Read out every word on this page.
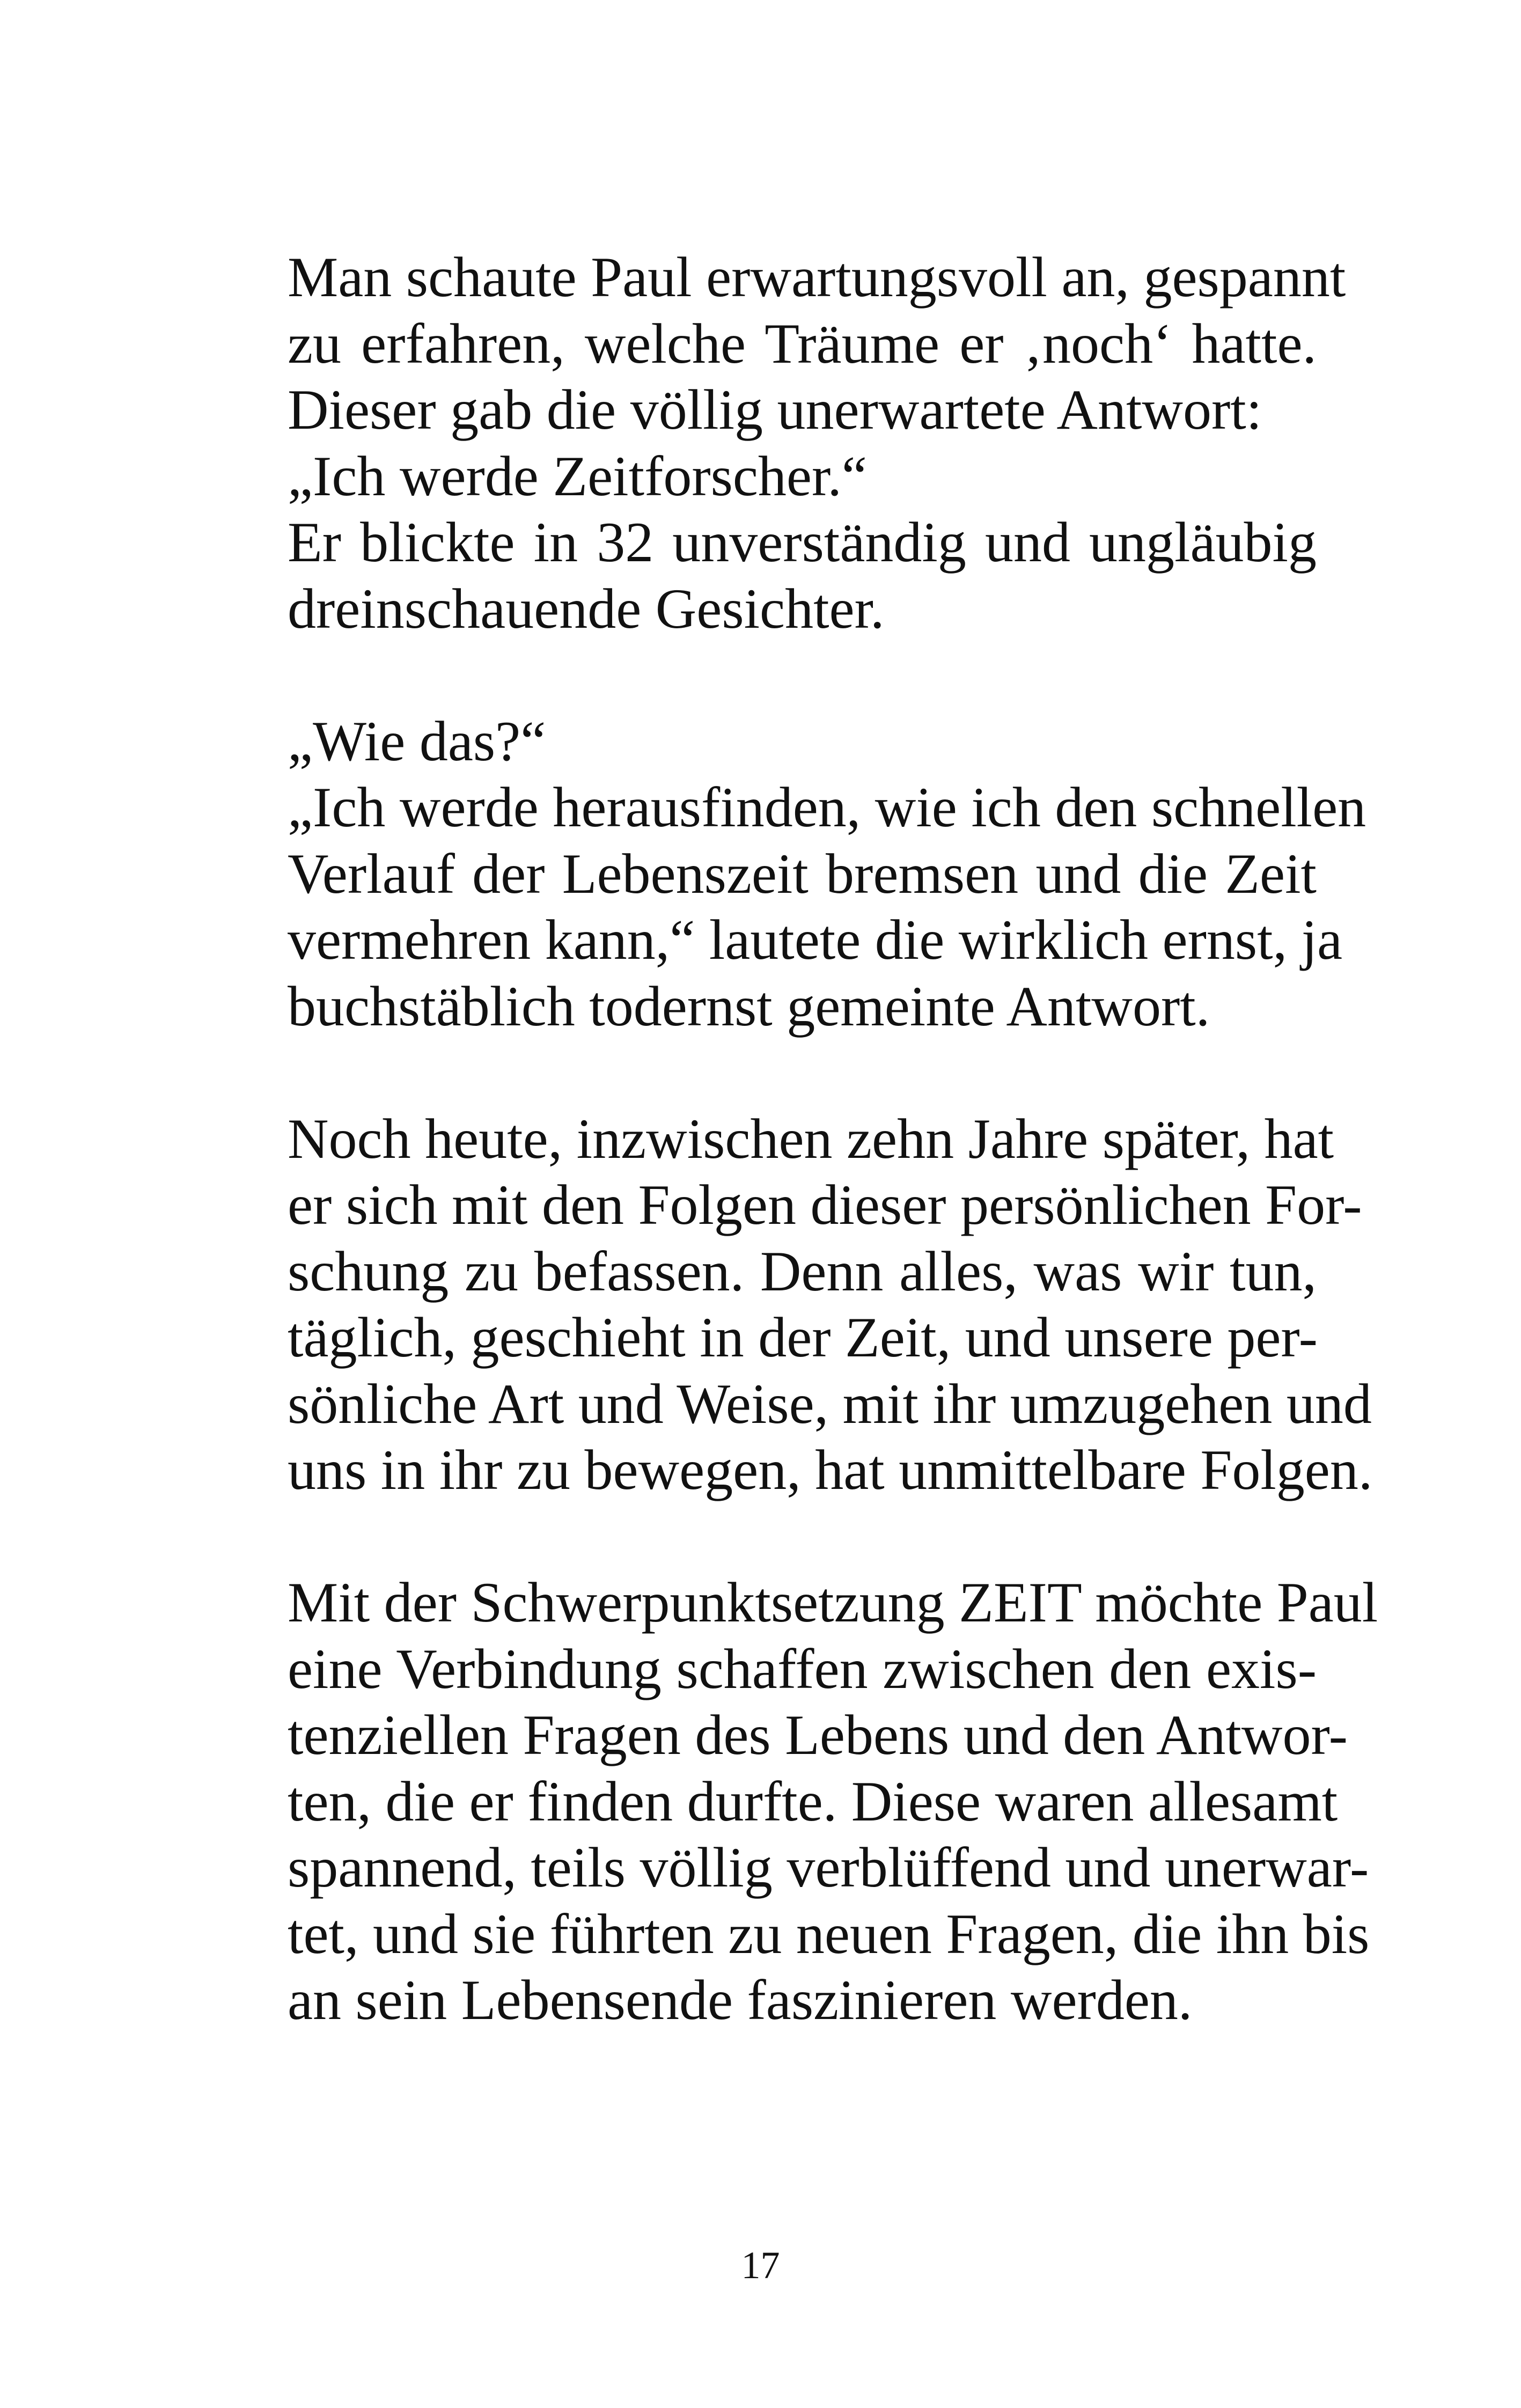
Man schaute Paul erwartungsvoll an, gespannt
zu erfahren, welche Träume er ‚noch‘ hatte.
Dieser gab die völlig unerwartete Antwort:
„Ich werde Zeitforscher.“
Er blickte in 32 unverständig und ungläubig
dreinschauende Gesichter.
„Wie das?“
„Ich werde herausfinden, wie ich den schnellen
Verlauf der Lebenszeit bremsen und die Zeit
vermehren kann,“ lautete die wirklich ernst, ja
buchstäblich todernst gemeinte Antwort.
Noch heute, inzwischen zehn Jahre später, hat
er sich mit den Folgen dieser persönlichen For-
schung zu befassen. Denn alles, was wir tun,
täglich, geschieht in der Zeit, und unsere per-
sönliche Art und Weise, mit ihr umzugehen und
uns in ihr zu bewegen, hat unmittelbare Folgen.
Mit der Schwerpunktsetzung ZEIT möchte Paul
eine Verbindung schaffen zwischen den exis-
tenziellen Fragen des Lebens und den Antwor-
ten, die er finden durfte. Diese waren allesamt
spannend, teils völlig verblüffend und unerwar-
tet, und sie führten zu neuen Fragen, die ihn bis
an sein Lebensende faszinieren werden.
17
